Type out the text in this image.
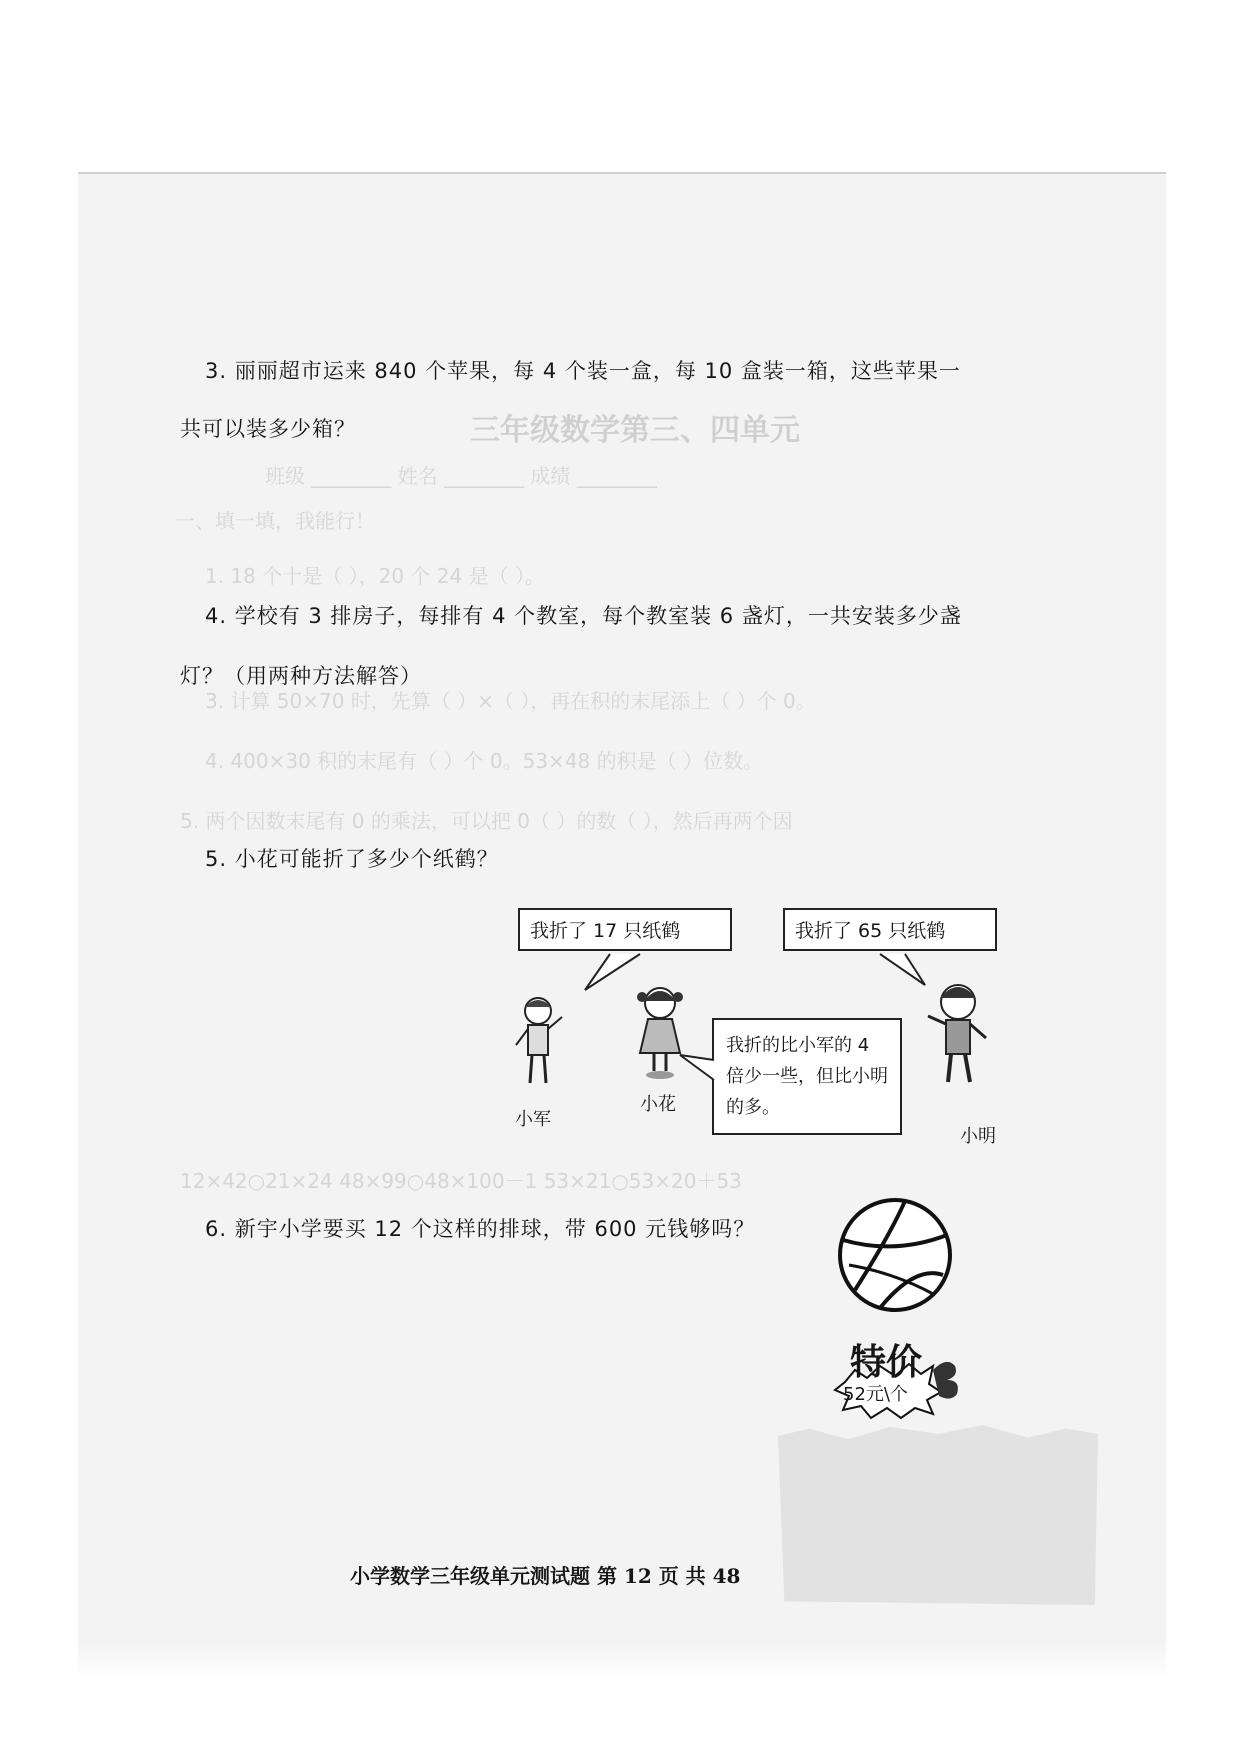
三年级数学第三、四单元
班级 ________ 姓名 ________ 成绩 ________
一、填一填，我能行！
1. 18 个十是（ ），20 个 24 是（ ）。
3. 计算 50×70 时，先算（ ）×（ ），再在积的末尾添上（ ）个 0。
4. 400×30 积的末尾有（ ）个 0。53×48 的积是（ ）位数。
5. 两个因数末尾有 0 的乘法，可以把 0（ ）的数（ ），然后再两个因
12×42○21×24 48×99○48×100－1 53×21○53×20＋53
3. 丽丽超市运来 840 个苹果，每 4 个装一盒，每 10 盒装一箱，这些苹果一
共可以装多少箱？
4. 学校有 3 排房子，每排有 4 个教室，每个教室装 6 盏灯，一共安装多少盏
灯？（用两种方法解答）
5. 小花可能折了多少个纸鹤？
6. 新宇小学要买 12 个这样的排球，带 600 元钱够吗？
我折了 17 只纸鹤	我折了 65 只纸鹤
我折的比小军的 4 倍少一些，但比小明的多。
小军
小花
小明
特价
52元\个
小学数学三年级单元测试题 第 12 页 共 48
